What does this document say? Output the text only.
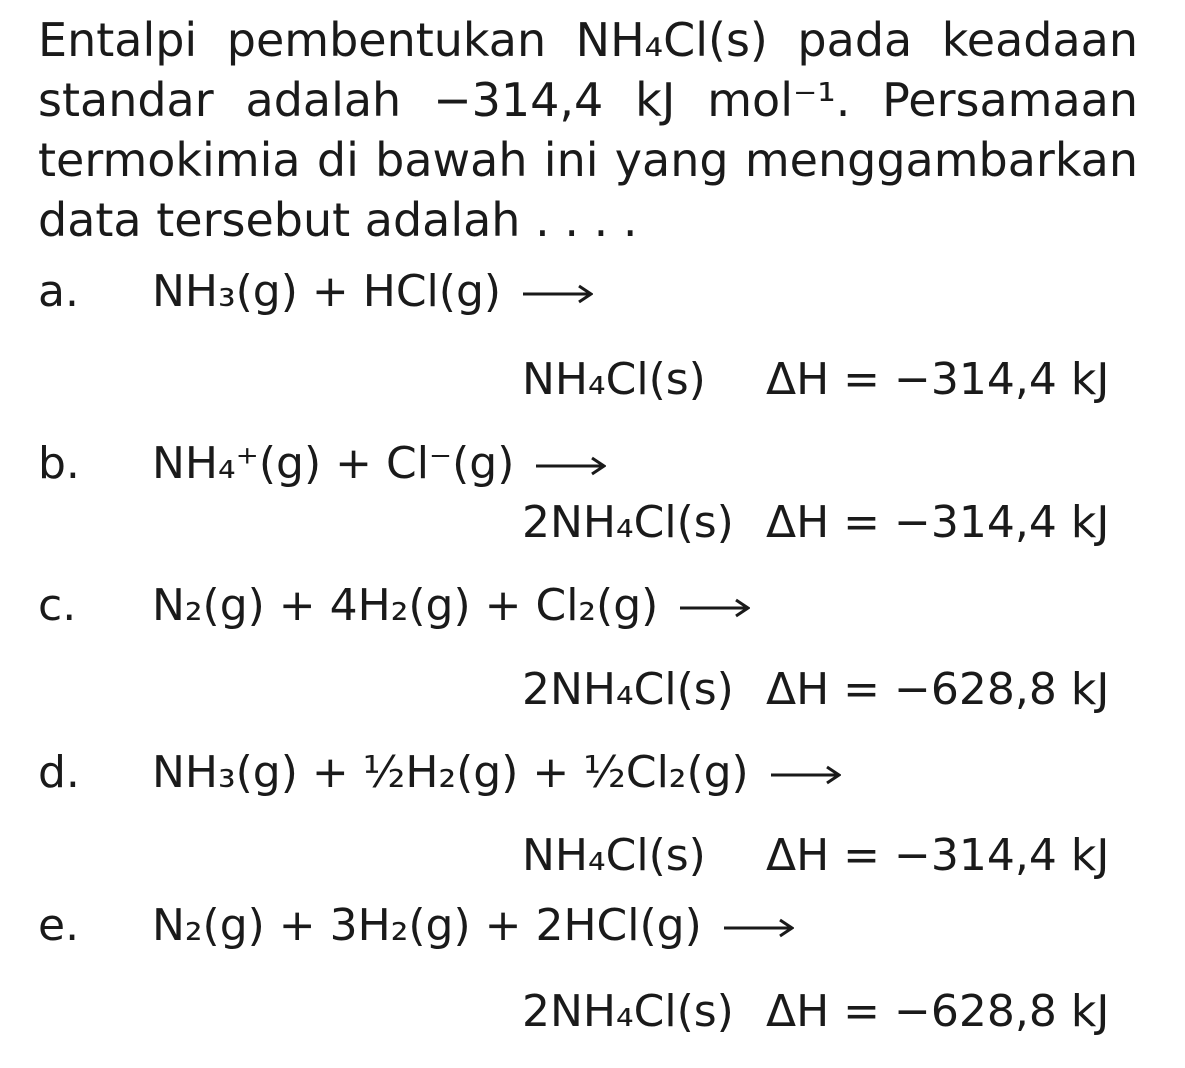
Entalpi pembentukan NH₄Cl(s) pada keadaan
standar adalah −314,4 kJ mol⁻¹. Persamaan
termokimia di bawah ini yang menggambarkan
data tersebut adalah . . . .
a. NH₃(g) + HCl(g) →
NH₄Cl(s) ΔH = −314,4 kJ
b. NH₄⁺(g) + Cl⁻(g) →
2NH₄Cl(s) ΔH = −314,4 kJ
c. N₂(g) + 4H₂(g) + Cl₂(g) →
2NH₄Cl(s) ΔH = −628,8 kJ
d. NH₃(g) + ½H₂(g) + ½Cl₂(g) →
NH₄Cl(s) ΔH = −314,4 kJ
e. N₂(g) + 3H₂(g) + 2HCl(g) →
2NH₄Cl(s) ΔH = −628,8 kJ
